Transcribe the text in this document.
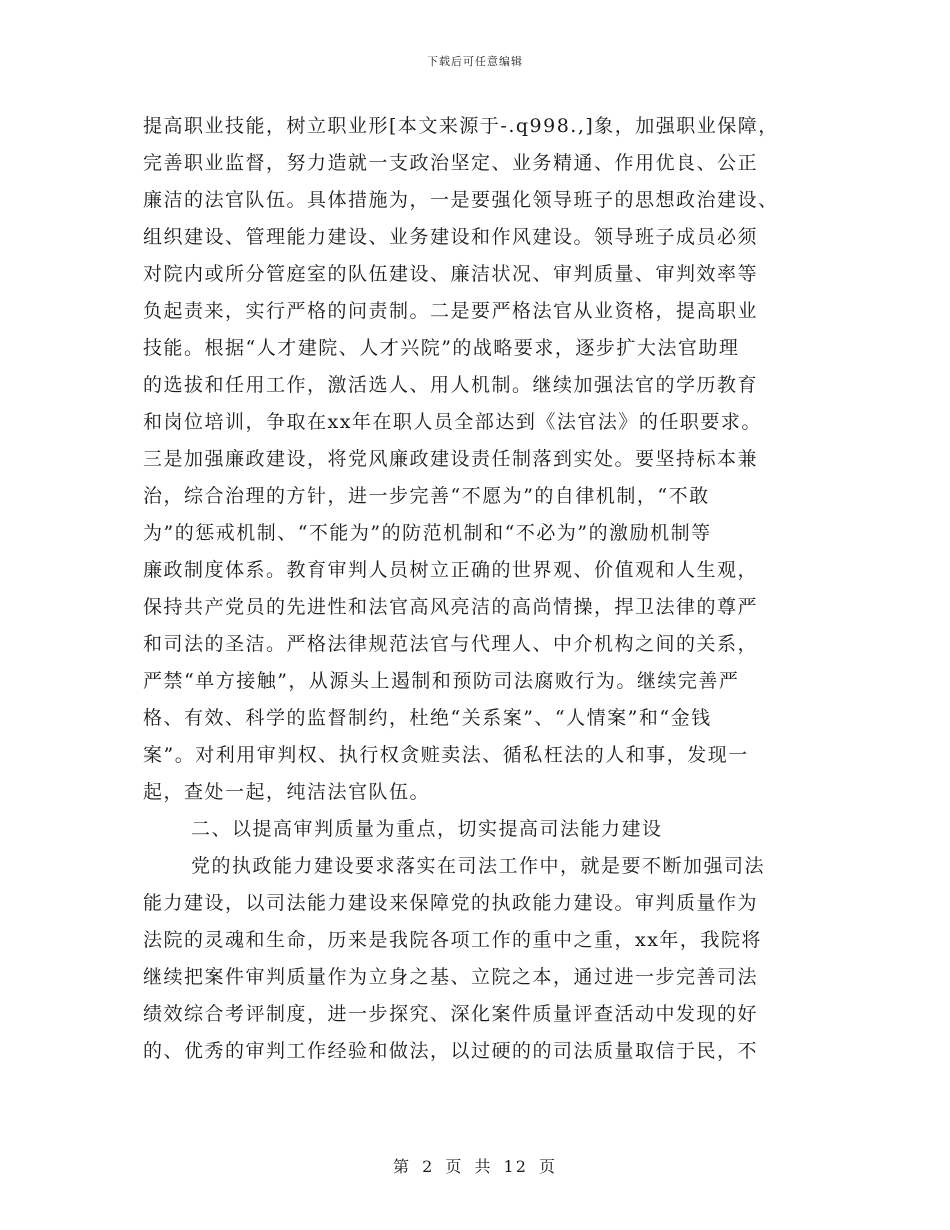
下载后可任意编辑
提高职业技能，树立职业形[本文来源于-.q998.,]象，加强职业保障，
完善职业监督，努力造就一支政治坚定、业务精通、作用优良、公正
廉洁的法官队伍。具体措施为，一是要强化领导班子的思想政治建设、
组织建设、管理能力建设、业务建设和作风建设。领导班子成员必须
对院内或所分管庭室的队伍建设、廉洁状况、审判质量、审判效率等
负起责来，实行严格的问责制。二是要严格法官从业资格，提高职业
技能。根据“人才建院、人才兴院”的战略要求，逐步扩大法官助理
的选拔和任用工作，激活选人、用人机制。继续加强法官的学历教育
和岗位培训，争取在xx年在职人员全部达到《法官法》的任职要求。
三是加强廉政建设，将党风廉政建设责任制落到实处。要坚持标本兼
治，综合治理的方针，进一步完善“不愿为”的自律机制，“不敢
为”的惩戒机制、“不能为”的防范机制和“不必为”的激励机制等
廉政制度体系。教育审判人员树立正确的世界观、价值观和人生观，
保持共产党员的先进性和法官高风亮洁的高尚情操，捍卫法律的尊严
和司法的圣洁。严格法律规范法官与代理人、中介机构之间的关系，
严禁“单方接触”，从源头上遏制和预防司法腐败行为。继续完善严
格、有效、科学的监督制约，杜绝“关系案”、“人情案”和“金钱
案”。对利用审判权、执行权贪赃卖法、循私枉法的人和事，发现一
起，查处一起，纯洁法官队伍。
二、以提高审判质量为重点，切实提高司法能力建设
党的执政能力建设要求落实在司法工作中，就是要不断加强司法
能力建设，以司法能力建设来保障党的执政能力建设。审判质量作为
法院的灵魂和生命，历来是我院各项工作的重中之重，xx年，我院将
继续把案件审判质量作为立身之基、立院之本，通过进一步完善司法
绩效综合考评制度，进一步探究、深化案件质量评查活动中发现的好
的、优秀的审判工作经验和做法，以过硬的的司法质量取信于民，不
第 2 页 共 12 页
